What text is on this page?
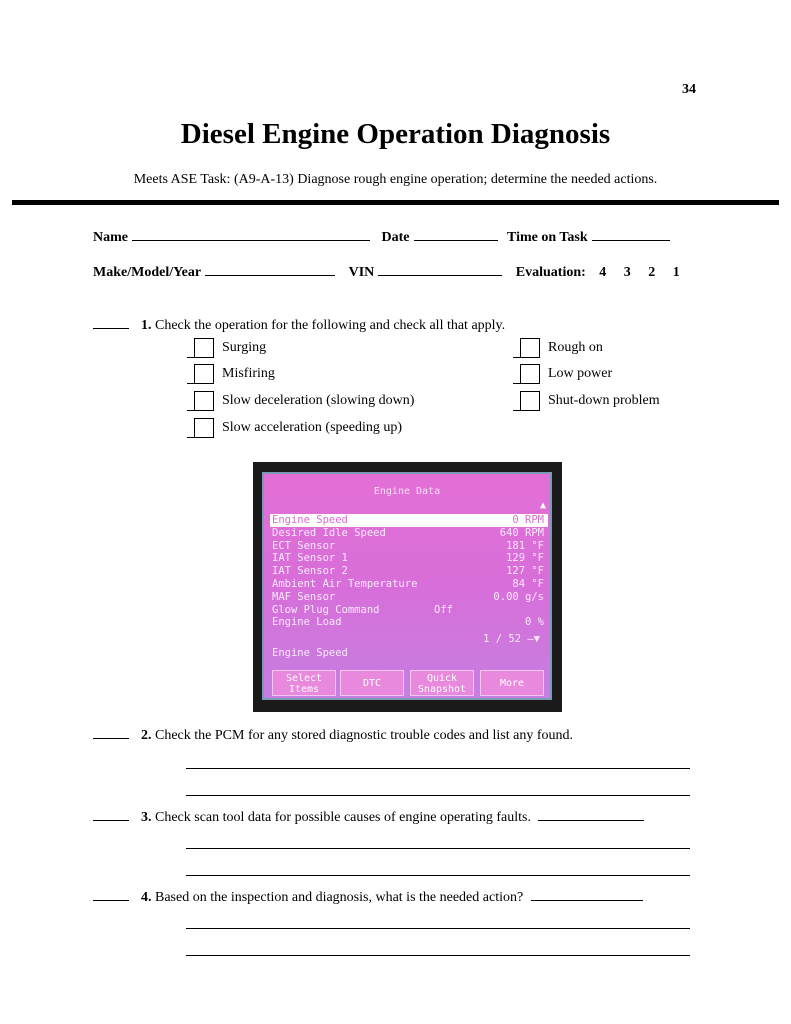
34
Diesel Engine Operation Diagnosis
Meets ASE Task: (A9-A-13) Diagnose rough engine operation; determine the needed actions.
Name	Date	Time on Task
Make/Model/Year	VIN	Evaluation: 4 3 2 1
1. Check the operation for the following and check all that apply.
Surging
Misfiring
Slow deceleration (slowing down)
Slow acceleration (speeding up)
Rough on
Low power
Shut-down problem
Engine Data
▲
Engine Speed	0 RPM
Desired Idle Speed	640 RPM
ECT Sensor	181 °F
IAT Sensor 1	129 °F
IAT Sensor 2	127 °F
Ambient Air Temperature	84 °F
MAF Sensor	0.00 g/s
Glow Plug Command	Off
Engine Load	0 %
1 / 52 –▼
Engine Speed
Select Items
DTC	Quick Snapshot
More
2. Check the PCM for any stored diagnostic trouble codes and list any found.
3. Check scan tool data for possible causes of engine operating faults.
4. Based on the inspection and diagnosis, what is the needed action?
